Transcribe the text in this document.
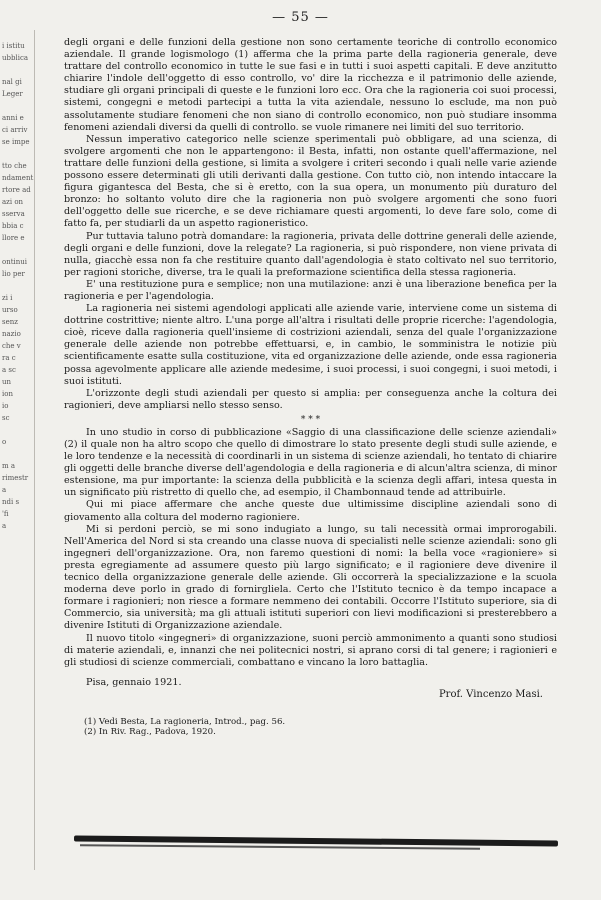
— 55 —
i istitu
ubblica

nal gi
Leger

anni e
ci arriv
se impe

tto che
ndament
rtore ad
azi on
sserva
bbia c
llore e

ontinui
lio per

zi i
urso
senz
nazio
che v
ra c
a sc
un
ion
io
sc

o

m a
rimestr
a
ndi s
'fi
a

degli organi e delle funzioni della gestione non sono certamente teoriche di controllo economico aziendale. Il grande logismologo (1) afferma che la prima parte della ragioneria generale, deve trattare del controllo economico in tutte le sue fasi e in tutti i suoi aspetti capitali. E deve anzitutto chiarire l'indole dell'oggetto di esso controllo, vo' dire la ricchezza e il patrimonio delle aziende, studiare gli organi principali di queste e le funzioni loro ecc. Ora che la ragioneria coi suoi processi, sistemi, congegni e metodi partecipi a tutta la vita aziendale, nessuno lo esclude, ma non può assolutamente studiare fenomeni che non siano di controllo economico, non può studiare insomma fenomeni aziendali diversi da quelli di controllo. se vuole rimanere nei limiti del suo territorio.

Nessun imperativo categorico nelle scienze sperimentali può obbligare, ad una scienza, di svolgere argomenti che non le appartengono: il Besta, infatti, non ostante quell'affermazione, nel trattare delle funzioni della gestione, si limita a svolgere i criteri secondo i quali nelle varie aziende possono essere determinati gli utili derivanti dalla gestione. Con tutto ciò, non intendo intaccare la figura gigantesca del Besta, che si è eretto, con la sua opera, un monumento più duraturo del bronzo: ho soltanto voluto dire che la ragioneria non può svolgere argomenti che sono fuori dell'oggetto delle sue ricerche, e se deve richiamare questi argomenti, lo deve fare solo, come di fatto fa, per studiarli da un aspetto ragioneristico.

Pur tuttavia taluno potrà domandare: la ragioneria, privata delle dottrine generali delle aziende, degli organi e delle funzioni, dove la relegate? La ragioneria, si può rispondere, non viene privata di nulla, giacchè essa non fa che restituire quanto dall'agendologia è stato coltivato nel suo territorio, per ragioni storiche, diverse, tra le quali la preformazione scientifica della stessa ragioneria.

E' una restituzione pura e semplice; non una mutilazione: anzi è una liberazione benefica per la ragioneria e per l'agendologia.

La ragioneria nei sistemi agendologi applicati alle aziende varie, interviene come un sistema di dottrine costrittive; niente altro. L'una porge all'altra i risultati delle proprie ricerche: l'agendologia, cioè, riceve dalla ragioneria quell'insieme di costrizioni aziendali, senza del quale l'organizzazione generale delle aziende non potrebbe effettuarsi, e, in cambio, le somministra le notizie più scientificamente esatte sulla costituzione, vita ed organizzazione delle aziende, onde essa ragioneria possa agevolmente applicare alle aziende medesime, i suoi processi, i suoi congegni, i suoi metodi, i suoi istituti.

L'orizzonte degli studi aziendali per questo si amplia: per conseguenza anche la coltura dei ragionieri, deve ampliarsi nello stesso senso.

* * *

In uno studio in corso di pubblicazione «Saggio di una classificazione delle scienze aziendali» (2) il quale non ha altro scopo che quello di dimostrare lo stato presente degli studi sulle aziende, e le loro tendenze e la necessità di coordinarli in un sistema di scienze aziendali, ho tentato di chiarire gli oggetti delle branche diverse dell'agendologia e della ragioneria e di alcun'altra scienza, di minor estensione, ma pur importante: la scienza della pubblicità e la scienza degli affari, intesa questa in un significato più ristretto di quello che, ad esempio, il Chambonnaud tende ad attribuirle.

Qui mi piace affermare che anche queste due ultimissime discipline aziendali sono di giovamento alla coltura del moderno ragioniere.

Mi si perdoni perciò, se mi sono indugiato a lungo, su tali necessità ormai improrogabili. Nell'America del Nord si sta creando una classe nuova di specialisti nelle scienze aziendali: sono gli ingegneri dell'organizzazione. Ora, non faremo questioni di nomi: la bella voce «ragioniere» si presta egregiamente ad assumere questo più largo significato; e il ragioniere deve divenire il tecnico della organizzazione generale delle aziende. Gli occorrerà la specializzazione e la scuola moderna deve porlo in grado di fornirgliela. Certo che l'Istituto tecnico è da tempo incapace a formare i ragionieri; non riesce a formare nemmeno dei contabili. Occorre l'Istituto superiore, sia di Commercio, sia università; ma gli attuali istituti superiori con lievi modificazioni si presterebbero a divenire Istituti di Organizzazione aziendale.

Il nuovo titolo «ingegneri» di organizzazione, suoni perciò ammonimento a quanti sono studiosi di materie aziendali, e, innanzi che nei politecnici nostri, si aprano corsi di tal genere; i ragionieri e gli studiosi di scienze commerciali, combattano e vincano la loro battaglia.

Pisa, gennaio 1921.
Prof. Vincenzo Masi.
(1) Vedi Besta, La ragioneria, Introd., pag. 56.
(2) In Riv. Rag., Padova, 1920.
